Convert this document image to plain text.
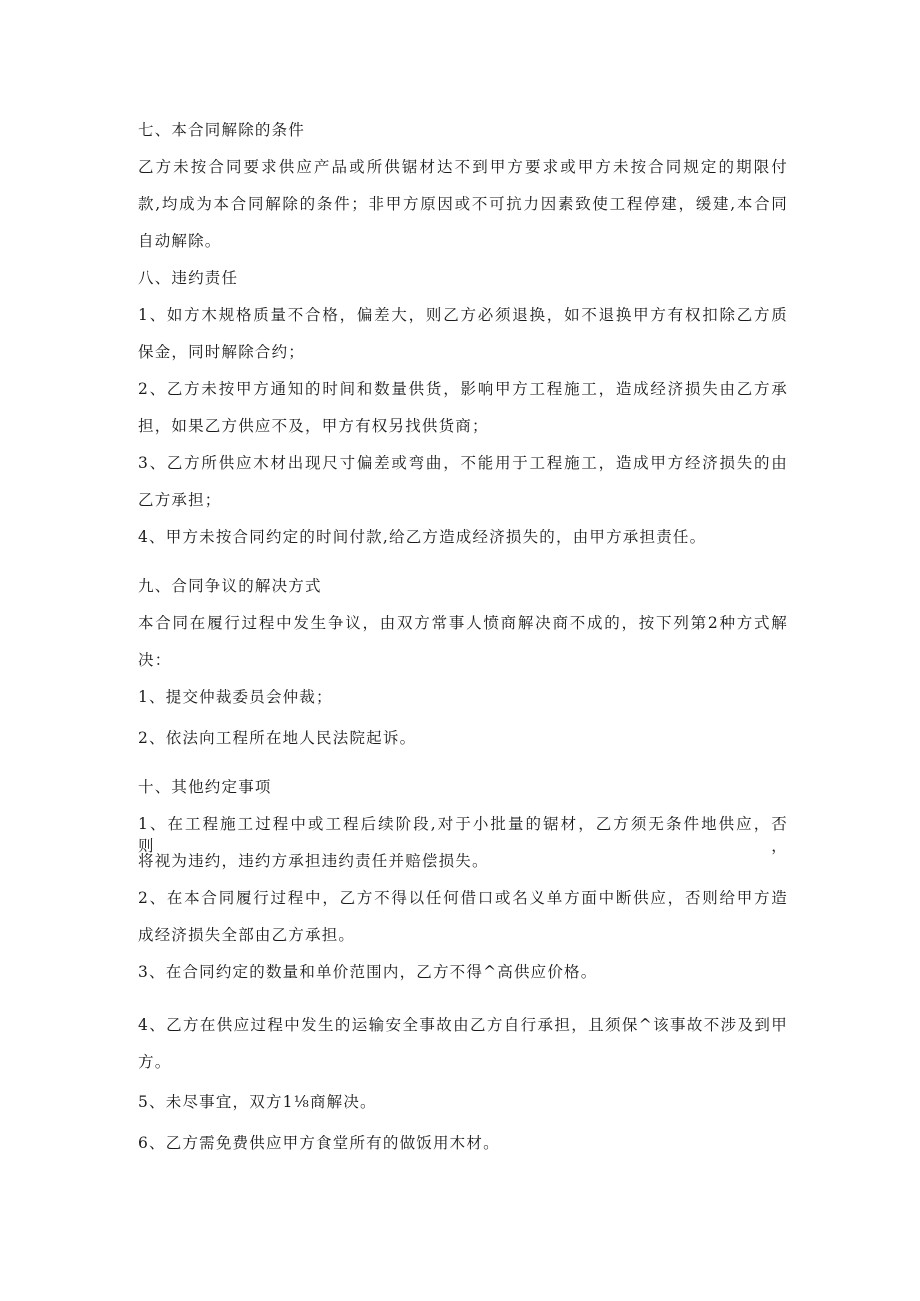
七、本合同解除的条件
乙方未按合同要求供应产品或所供锯材达不到甲方要求或甲方未按合同规定的期限付
款,均成为本合同解除的条件；非甲方原因或不可抗力因素致使工程停建，缓建,本合同
自动解除。
八、违约责任
1、如方木规格质量不合格，偏差大，则乙方必须退换，如不退换甲方有权扣除乙方质
保金，同时解除合约；
2、乙方未按甲方通知的时间和数量供货，影响甲方工程施工，造成经济损失由乙方承
担，如果乙方供应不及，甲方有权另找供货商；
3、乙方所供应木材出现尺寸偏差或弯曲，不能用于工程施工，造成甲方经济损失的由
乙方承担；
4、甲方未按合同约定的时间付款,给乙方造成经济损失的，由甲方承担责任。
九、合同争议的解决方式
本合同在履行过程中发生争议，由双方常事人愤商解决商不成的，按下列第2种方式解
决：
1、提交仲裁委员会仲裁；
2、依法向工程所在地人民法院起诉。
十、其他约定事项
1、在工程施工过程中或工程后续阶段,对于小批量的锯材，乙方须无条件地供应，否则，
将视为违约，违约方承担违约责任并赔偿损失。
2、在本合同履行过程中，乙方不得以任何借口或名义单方面中断供应，否则给甲方造
成经济损失全部由乙方承担。
3、在合同约定的数量和单价范围内，乙方不得^高供应价格。
4、乙方在供应过程中发生的运输安全事故由乙方自行承担，且须保^该事故不涉及到甲
方。
5、未尽事宜，双方1⅛商解决。
6、乙方需免费供应甲方食堂所有的做饭用木材。
